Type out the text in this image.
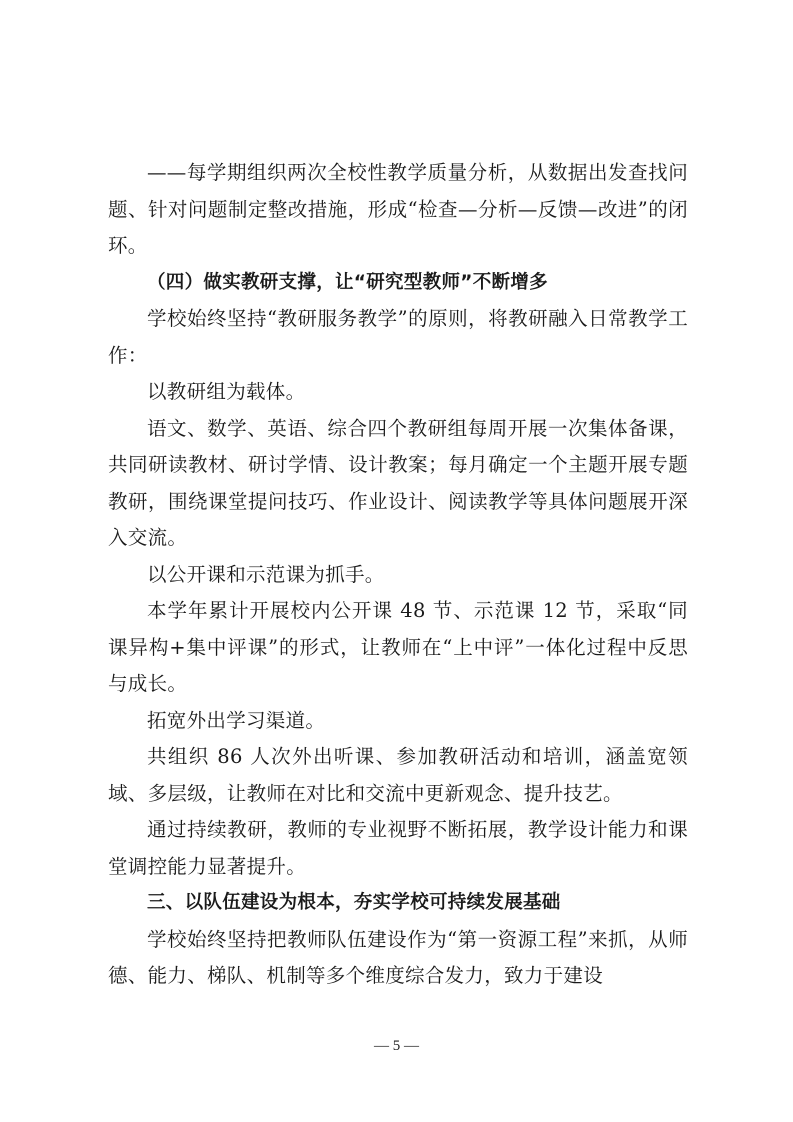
——每学期组织两次全校性教学质量分析，从数据出发查找问题、针对问题制定整改措施，形成“检查—分析—反馈—改进”的闭环。

（四）做实教研支撑，让“研究型教师”不断增多

学校始终坚持“教研服务教学”的原则，将教研融入日常教学工作：

以教研组为载体。

语文、数学、英语、综合四个教研组每周开展一次集体备课，共同研读教材、研讨学情、设计教案；每月确定一个主题开展专题教研，围绕课堂提问技巧、作业设计、阅读教学等具体问题展开深入交流。

以公开课和示范课为抓手。

本学年累计开展校内公开课 48 节、示范课 12 节，采取“同课异构+集中评课”的形式，让教师在“上中评”一体化过程中反思与成长。

拓宽外出学习渠道。

共组织 86 人次外出听课、参加教研活动和培训，涵盖宽领域、多层级，让教师在对比和交流中更新观念、提升技艺。

通过持续教研，教师的专业视野不断拓展，教学设计能力和课堂调控能力显著提升。

三、以队伍建设为根本，夯实学校可持续发展基础

学校始终坚持把教师队伍建设作为“第一资源工程”来抓，从师德、能力、梯队、机制等多个维度综合发力，致力于建设

— 5 —
